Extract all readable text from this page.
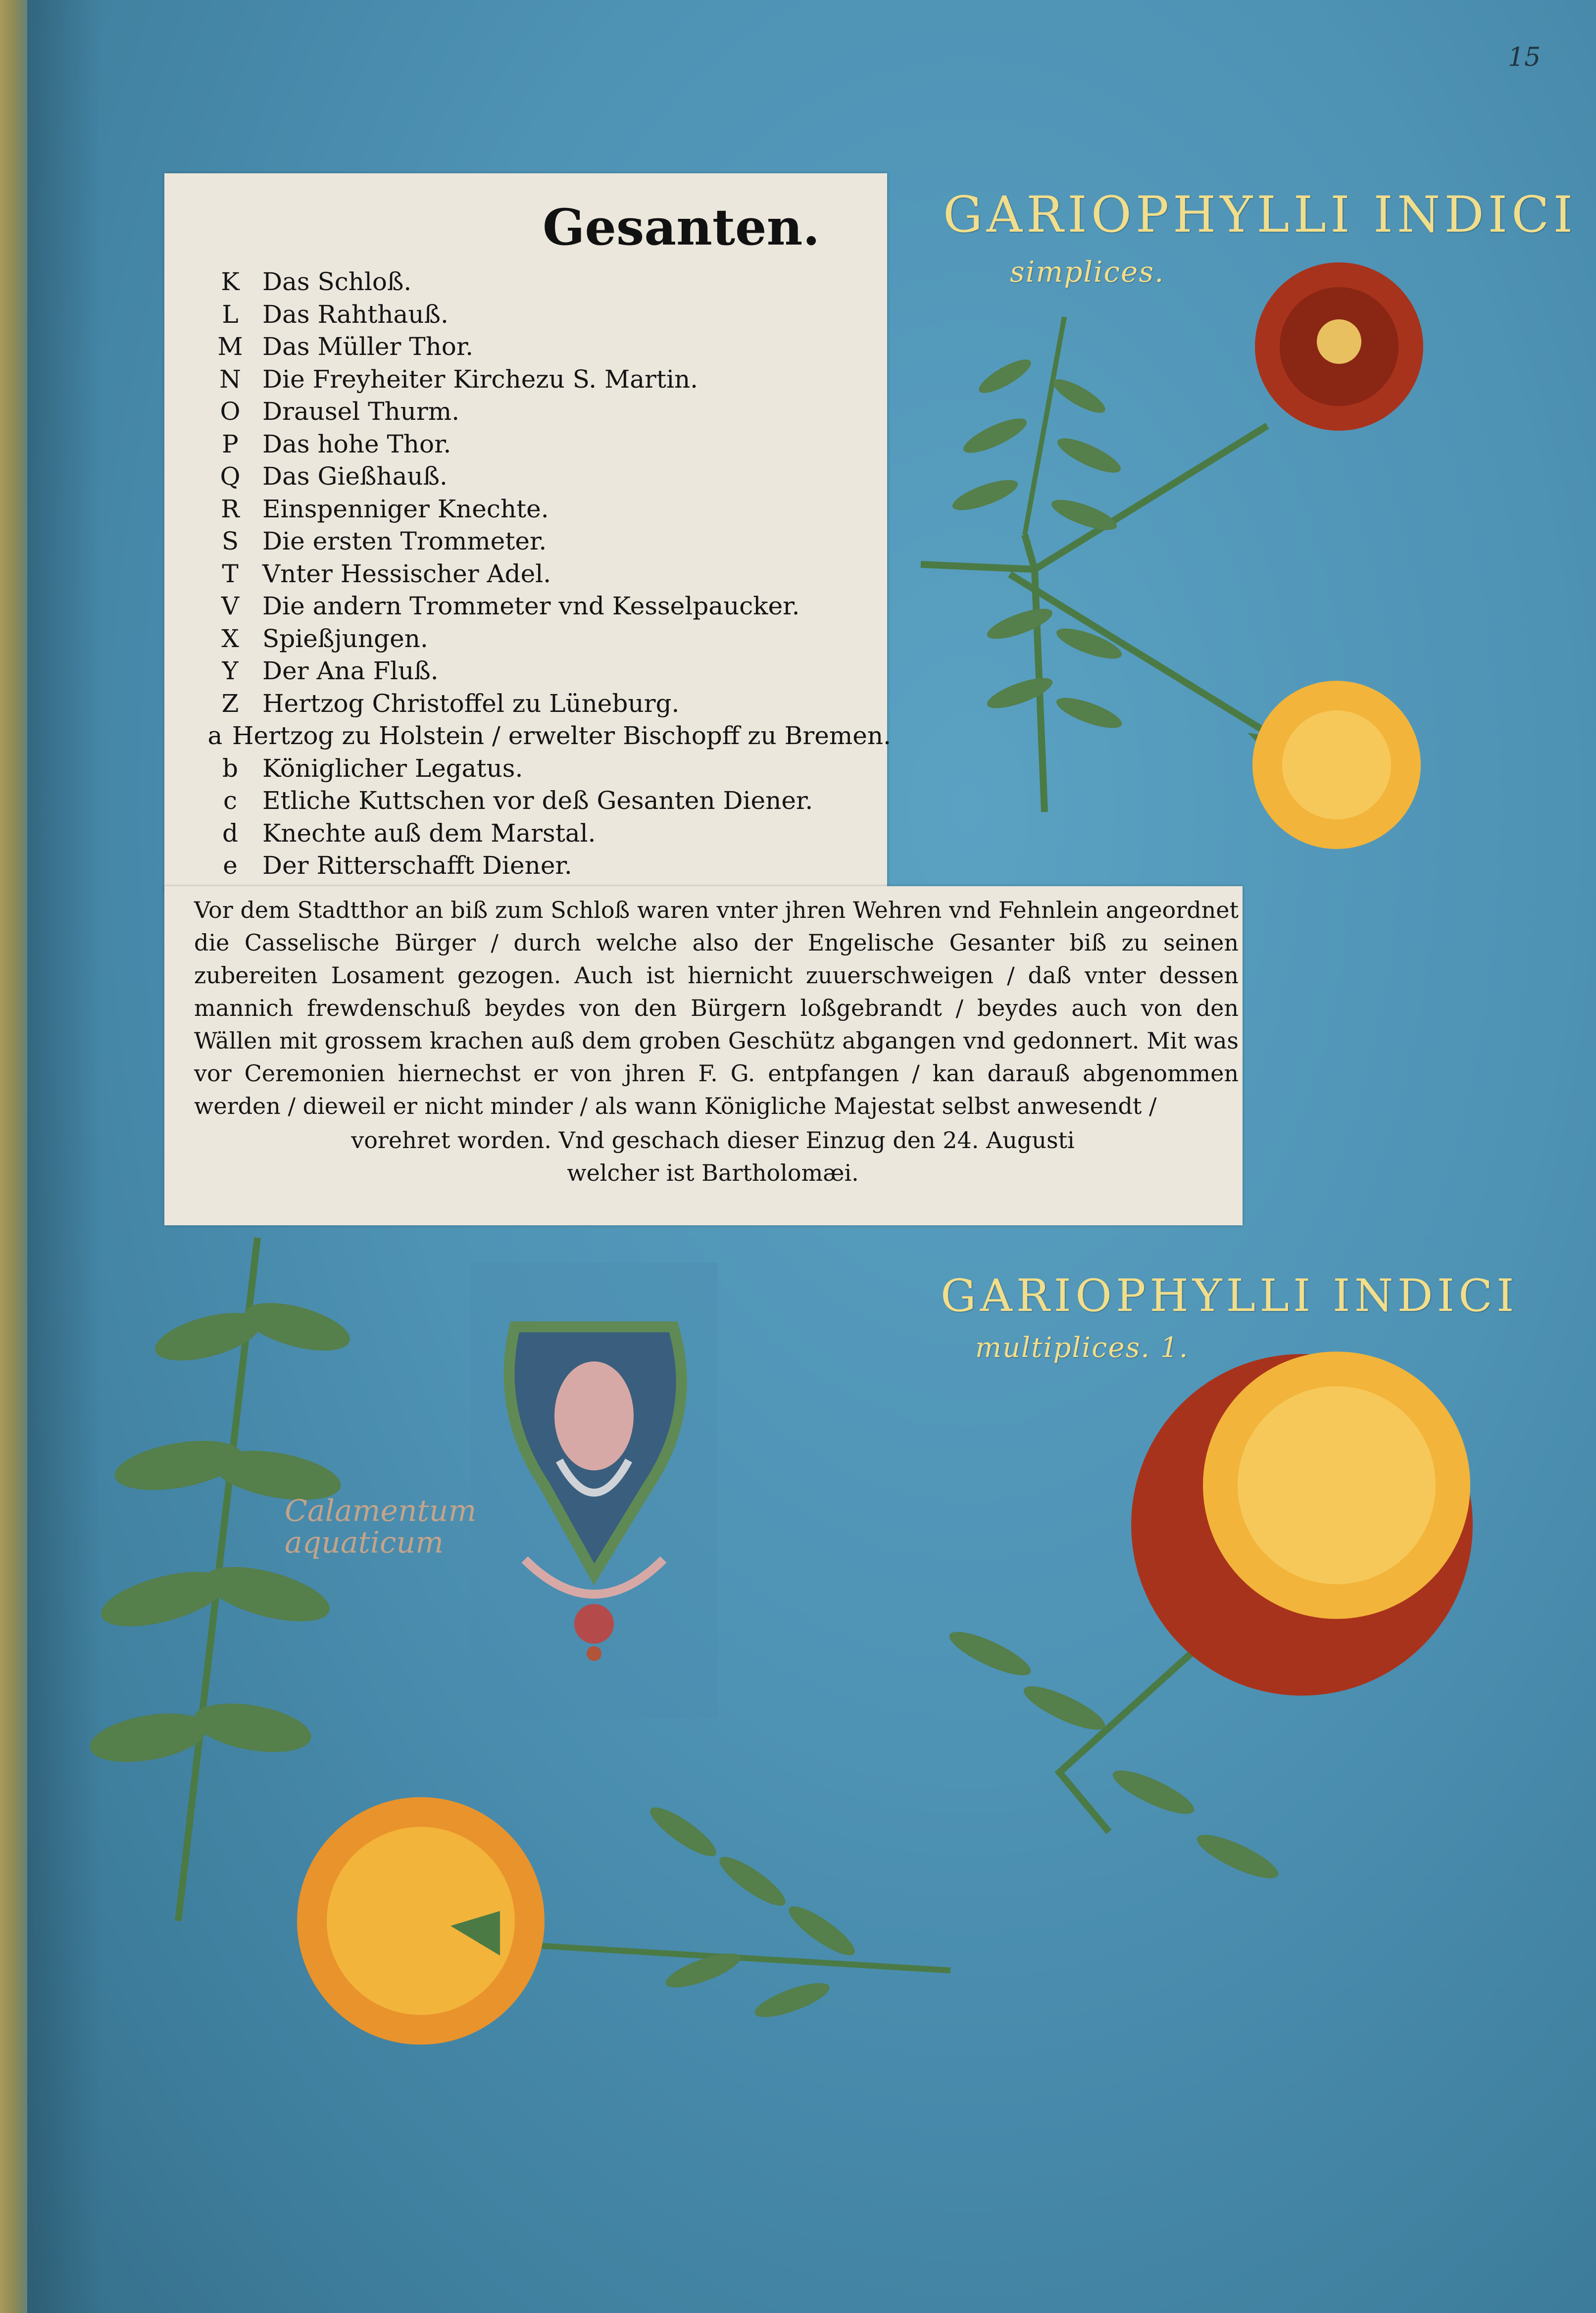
15
Gesanten.
K Das Schloß.
L Das Rahthauß.
M Das Müller Thor.
N Die Freyheiter Kirchezu S. Martin.
O Drausel Thurm.
P Das hohe Thor.
Q Das Gießhauß.
R Einspenniger Knechte.
S Die ersten Trommeter.
T Vnter Hessischer Adel.
V Die andern Trommeter vnd Kesselpaucker.
X Spießjungen.
Y Der Ana Fluß.
Z Hertzog Christoffel zu Lüneburg.
a Hertzog zu Holstein / erwelter Bischopff zu Bremen.
b Königlicher Legatus.
c	Etliche Kuttschen vor deß Gesanten Diener.
d Knechte auß dem Marstal.
e	Der Ritterschafft Diener.
Vor dem Stadtthor an biß zum Schloß waren vnter jhren Wehren vnd Fehnlein angeordnet die Casselische Bürger / durch welche also der Engelische Gesanter biß zu seinen zubereiten Losament gezogen. Auch ist hiernicht zuuerschweigen / daß vnter dessen mannich frewdenschuß beydes von den Bürgern loßgebrandt / beydes auch von den Wällen mit grossem krachen auß dem groben Geschütz abgangen vnd gedonnert. Mit was vor Ceremonien hiernechst er von jhren F. G. entpfangen / kan darauß abgenommen werden / dieweil er nicht minder / als wann Königliche Majestat selbst anwesendt /
vorehret worden. Vnd geschach dieser Einzug den 24. Augusti
welcher ist Bartholomæi.
GARIOPHYLLI INDICI
simplices.
GARIOPHYLLI INDICI
multiplices. 1.
Calamentum
aquaticum
